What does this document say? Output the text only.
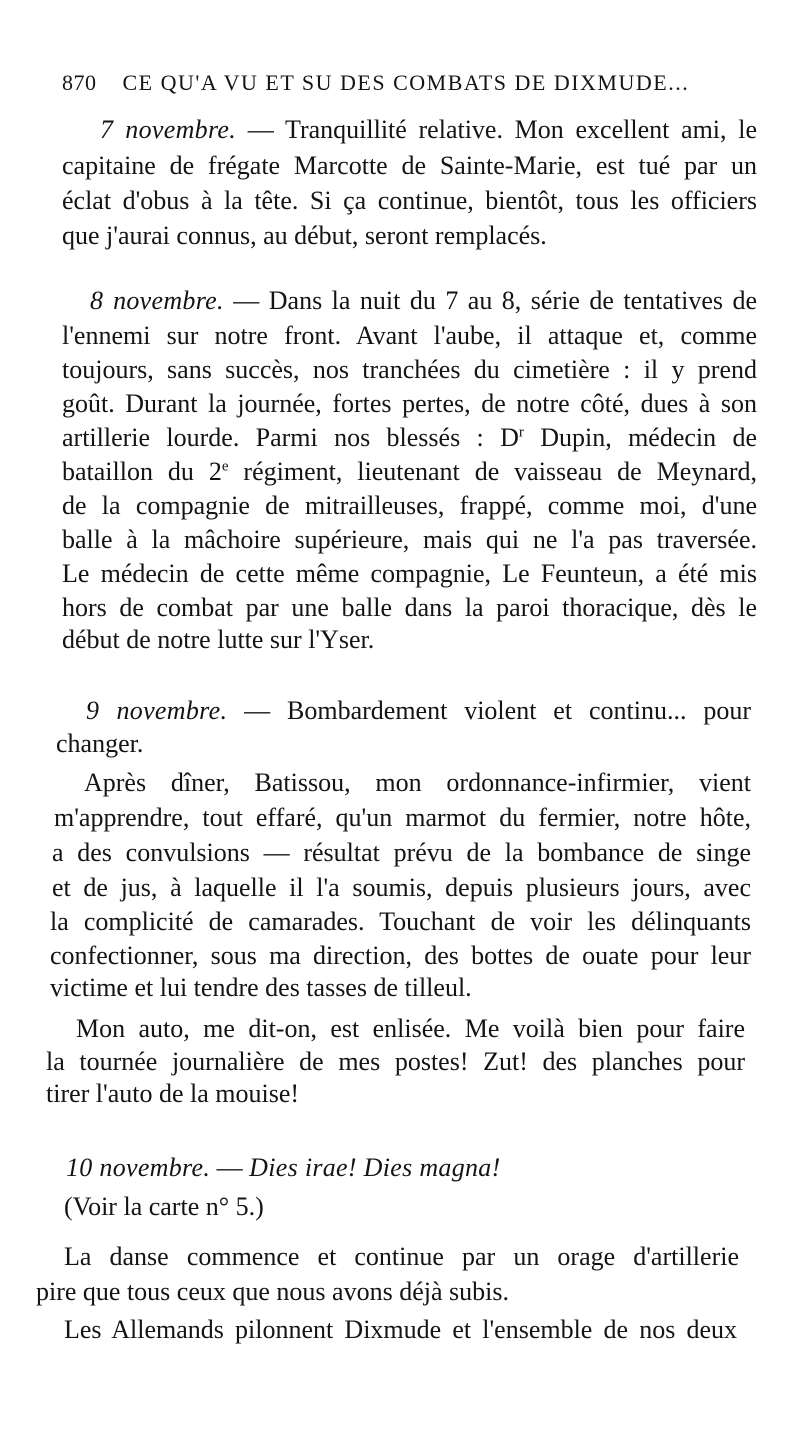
870 CE QU'A VU ET SU DES COMBATS DE DIXMUDE...
7 novembre. — Tranquillité relative. Mon excellent ami, le
capitaine de frégate Marcotte de Sainte-Marie, est tué par un
éclat d'obus à la tête. Si ça continue, bientôt, tous les officiers
que j'aurai connus, au début, seront remplacés.
8 novembre. — Dans la nuit du 7 au 8, série de tentatives de
l'ennemi sur notre front. Avant l'aube, il attaque et, comme
toujours, sans succès, nos tranchées du cimetière : il y prend
goût. Durant la journée, fortes pertes, de notre côté, dues à son
artillerie lourde. Parmi nos blessés : $D^r$ Dupin, médecin de
bataillon du 2e régiment, lieutenant de vaisseau de Meynard,
de la compagnie de mitrailleuses, frappé, comme moi, d'une
balle à la mâchoire supérieure, mais qui ne l'a pas traversée.
Le médecin de cette même compagnie, Le Feunteun, a été mis
hors de combat par une balle dans la paroi thoracique, dès le
début de notre lutte sur l'Yser.
9 novembre. — Bombardement violent et continu... pour
changer.
Après dîner, Batissou, mon ordonnance-infirmier, vient
m'apprendre, tout effaré, qu'un marmot du fermier, notre hôte,
a des convulsions — résultat prévu de la bombance de singe
et de jus, à laquelle il l'a soumis, depuis plusieurs jours, avec
la complicité de camarades. Touchant de voir les délinquants
confectionner, sous ma direction, des bottes de ouate pour leur
victime et lui tendre des tasses de tilleul.
Mon auto, me dit-on, est enlisée. Me voilà bien pour faire
la tournée journalière de mes postes! Zut! des planches pour
tirer l'auto de la mouise!
10 novembre. — Dies irae! Dies magna!
(Voir la carte n° 5.)
La danse commence et continue par un orage d'artillerie
pire que tous ceux que nous avons déjà subis.
Les Allemands pilonnent Dixmude et l'ensemble de nos deux
